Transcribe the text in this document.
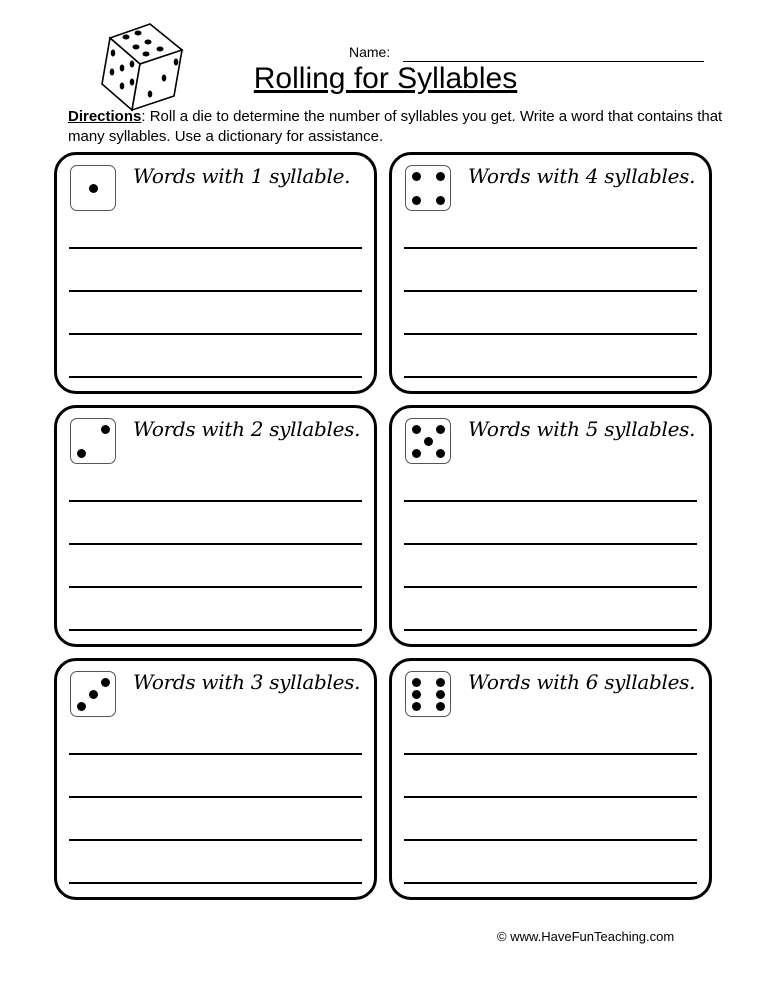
Name:
Rolling for Syllables
Directions: Roll a die to determine the number of syllables you get. Write a word that contains that many syllables. Use a dictionary for assistance.
Words with 1 syllable.
Words with 2 syllables.
Words with 3 syllables.
Words with 4 syllables.
Words with 5 syllables.
Words with 6 syllables.
© www.HaveFunTeaching.com
